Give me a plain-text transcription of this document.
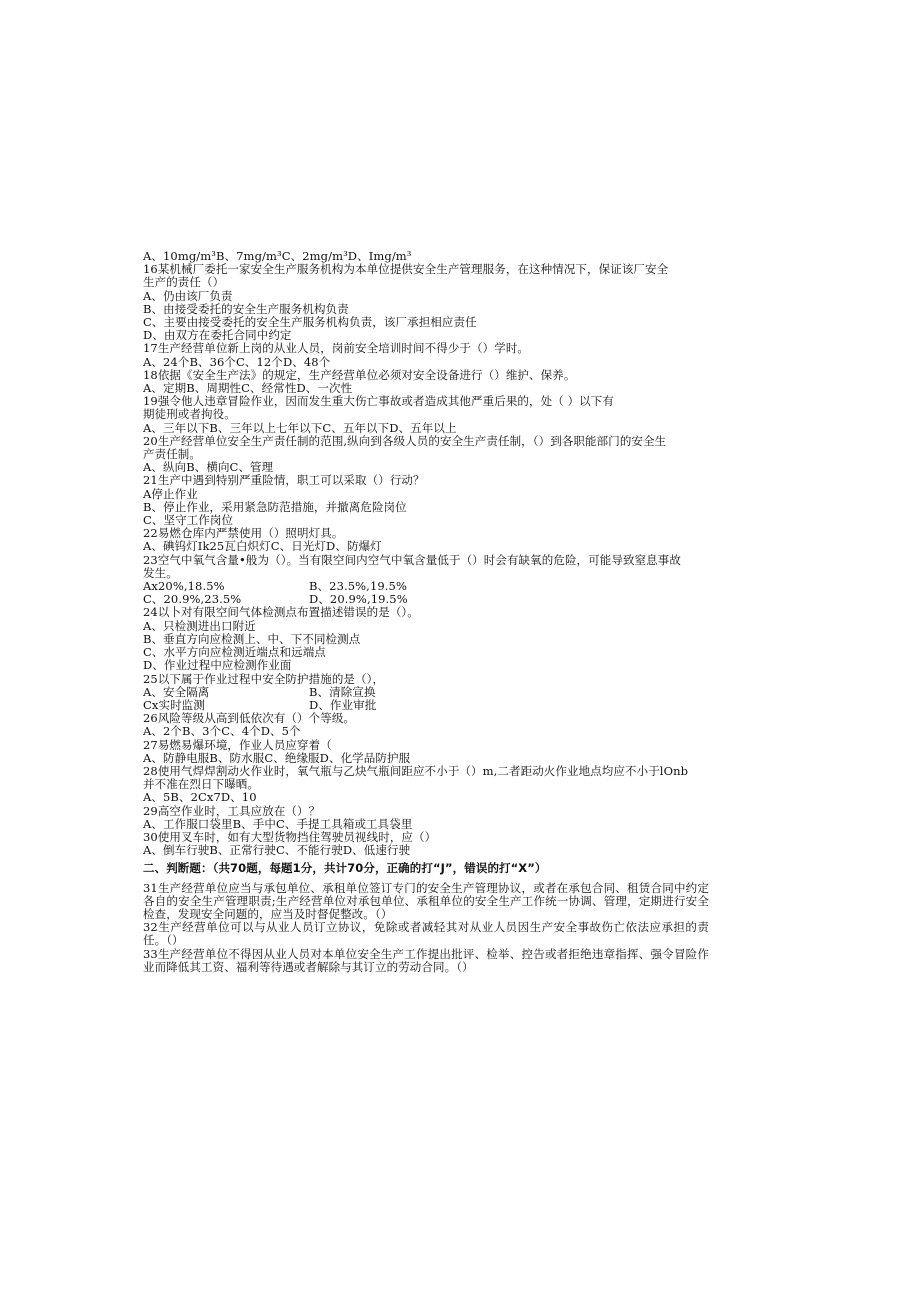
A、10mg/m³B、7mg/m³C、2mg/m³D、Img/m³
16某机械厂委托一家安全生产服务机构为本单位提供安全生产管理服务，在这种情况下，保证该厂安全
生产的责任（）
A、仍由该厂负责
B、由接受委托的安全生产服务机构负责
C、主要由接受委托的安全生产服务机构负责，该厂承担相应责任
D、由双方在委托合同中约定
17生产经营单位新上岗的从业人员，岗前安全培训时间不得少于（）学时。
A、24个B、36个C、12个D、48个
18依据《安全生产法》的规定，生产经营单位必须对安全设备进行（）维护、保养。
A、定期B、周期性C、经常性D、一次性
19强令他人违章冒险作业，因而发生重大伤亡事故或者造成其他严重后果的，处（ ）以下有
期徒刑或者拘役。
A、三年以下B、三年以上七年以下C、五年以下D、五年以上
20生产经营单位安全生产责任制的范围,纵向到各级人员的安全生产责任制，（）到各职能部门的安全生
产责任制。
A、纵向B、横向C、管理
21生产中遇到特别严重险情，职工可以采取（）行动？
A停止作业
B、停止作业，采用紧急防范措施，并撤离危险岗位
C、坚守工作岗位
22易燃仓库内严禁使用（）照明灯具。
A、碘钨灯Ik25瓦白炽灯C、日光灯D、防爆灯
23空气中氧气含量•般为（）。当有限空间内空气中氧含量低于（）时会有缺氧的危险，可能导致窒息事故
发生。
Ax20%,18.5%	B、23.5%,19.5%
C、20.9%,23.5%	D、20.9%,19.5%
24以卜对有限空间气体检测点布置描述错误的是（）。
A、只检测进出口附近
B、垂直方向应检测上、中、下不同检测点
C、水平方向应检测近端点和远端点
D、作业过程中应检测作业面
25以下属于作业过程中安全防护措施的是（），
A、安全隔离	B、清除宣换
Cx实时监测	D、作业审批
26风险等级从高到低依次有（）个等级。
A、2个B、3个C、4个D、5个
27易燃易爆环境，作业人员应穿着（
A、防静电服B、防水服C、绝缘服D、化学品防护服
28使用气焊焊割动火作业时，氧气瓶与乙炔气瓶间距应不小于（）m,二者距动火作业地点均应不小于lOnb
并不准在烈日下曝晒。
A、5B、2Cx7D、10
29高空作业时，工具应放在（）？
A、工作服口袋里B、手中C、手提工具箱或工具袋里
30使用叉车时，如有大型货物挡住驾驶员视线时，应（）
A、倒车行驶B、正常行驶C、不能行驶D、低速行驶
二、判断题：（共70题，每题1分，共计70分，正确的打“J”，错误的打“X”）
31生产经营单位应当与承包单位、承租单位签订专门的安全生产管理协议，或者在承包合同、租赁合同中约定各自的安全生产管理职责;生产经营单位对承包单位、承租单位的安全生产工作统一协调、管理，定期进行安全检查，发现安全问题的，应当及时督促整改。（）
32生产经营单位可以与从业人员订立协议，免除或者减轻其对从业人员因生产安全事故伤亡依法应承担的责任。（）
33生产经营单位不得因从业人员对本单位安全生产工作提出批评、检举、控告或者拒绝违章指挥、强令冒险作业而降低其工资、福利等待遇或者解除与其订立的劳动合同。（）
